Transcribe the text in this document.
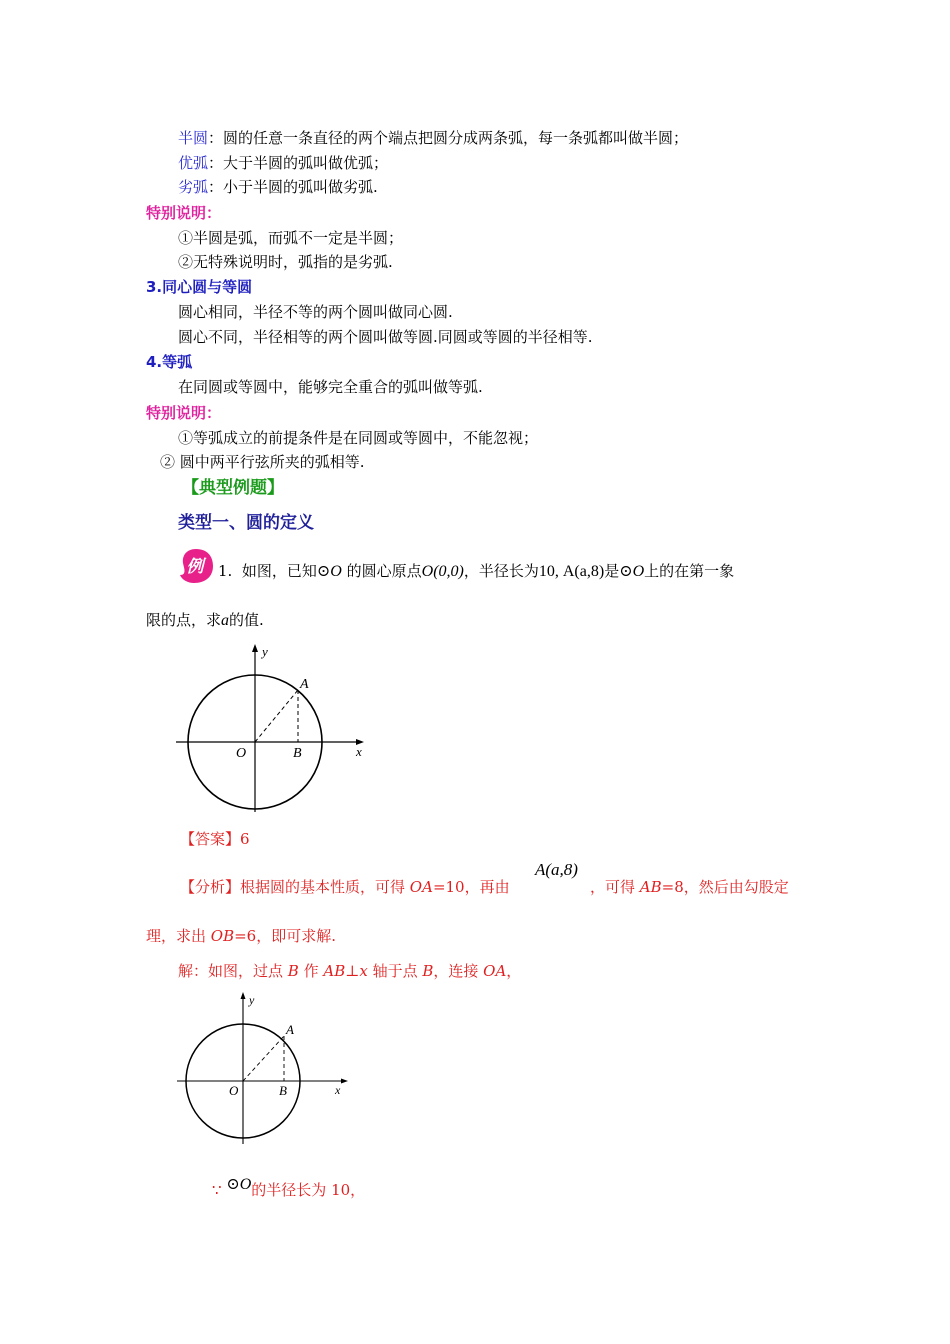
半圆：圆的任意一条直径的两个端点把圆分成两条弧，每一条弧都叫做半圆；
优弧：大于半圆的弧叫做优弧；
劣弧：小于半圆的弧叫做劣弧.
特别说明：
①半圆是弧，而弧不一定是半圆；
②无特殊说明时，弧指的是劣弧.
3.同心圆与等圆
圆心相同，半径不等的两个圆叫做同心圆.
圆心不同，半径相等的两个圆叫做等圆.同圆或等圆的半径相等.
4.等弧
在同圆或等圆中，能够完全重合的弧叫做等弧.
特别说明：
①等弧成立的前提条件是在同圆或等圆中，不能忽视；
② 圆中两平行弦所夹的弧相等.
【典型例题】
类型一、圆的定义
例 1. 如图，已知⊙O 的圆心原点O(0,0)，半径长为10, A(a,8)是⊙O上的在第一象
限的点，求a的值.
y
A
O	B	x
【答案】6
【分析】根据圆的基本性质，可得 OA=10，再由
A(a,8)
，可得 AB=8，然后由勾股定
理，求出 OB=6，即可求解.
解：如图，过点 B 作 AB⊥x 轴于点 B，连接 OA，
y
A
O	B	x
∵ ⊙O的半径长为 10，
